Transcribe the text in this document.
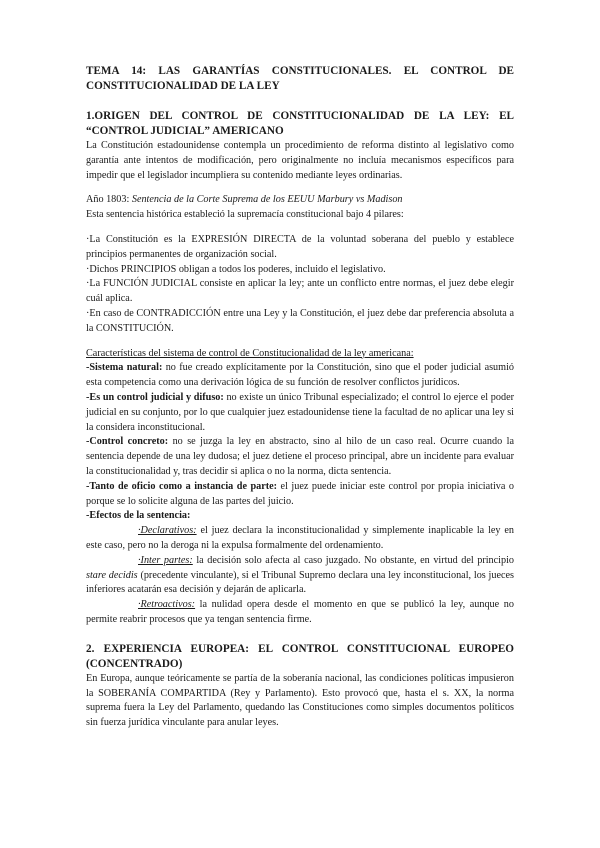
TEMA 14: LAS GARANTÍAS CONSTITUCIONALES. EL CONTROL DE CONSTITUCIONALIDAD DE LA LEY
1.ORIGEN DEL CONTROL DE CONSTITUCIONALIDAD DE LA LEY: EL “CONTROL JUDICIAL” AMERICANO

La Constitución estadounidense contempla un procedimiento de reforma distinto al legislativo como garantía ante intentos de modificación, pero originalmente no incluía mecanismos específicos para impedir que el legislador incumpliera su contenido mediante leyes ordinarias.

Año 1803: Sentencia de la Corte Suprema de los EEUU Marbury vs Madison

Esta sentencia histórica estableció la supremacía constitucional bajo 4 pilares:

·La Constitución es la EXPRESIÓN DIRECTA de la voluntad soberana del pueblo y establece principios permanentes de organización social.

·Dichos PRINCIPIOS obligan a todos los poderes, incluido el legislativo.

·La FUNCIÓN JUDICIAL consiste en aplicar la ley; ante un conflicto entre normas, el juez debe elegir cuál aplica.

·En caso de CONTRADICCIÓN entre una Ley y la Constitución, el juez debe dar preferencia absoluta a la CONSTITUCIÓN.

Características del sistema de control de Constitucionalidad de la ley americana:

-Sistema natural: no fue creado explícitamente por la Constitución, sino que el poder judicial asumió esta competencia como una derivación lógica de su función de resolver conflictos jurídicos.

-Es un control judicial y difuso: no existe un único Tribunal especializado; el control lo ejerce el poder judicial en su conjunto, por lo que cualquier juez estadounidense tiene la facultad de no aplicar una ley si la considera inconstitucional.

-Control concreto: no se juzga la ley en abstracto, sino al hilo de un caso real. Ocurre cuando la sentencia depende de una ley dudosa; el juez detiene el proceso principal, abre un incidente para evaluar la constitucionalidad y, tras decidir si aplica o no la norma, dicta sentencia.

-Tanto de oficio como a instancia de parte: el juez puede iniciar este control por propia iniciativa o porque se lo solicite alguna de las partes del juicio.

-Efectos de la sentencia:

·Declarativos: el juez declara la inconstitucionalidad y simplemente inaplicable la ley en este caso, pero no la deroga ni la expulsa formalmente del ordenamiento.

·Inter partes: la decisión solo afecta al caso juzgado. No obstante, en virtud del principio stare decidis (precedente vinculante), si el Tribunal Supremo declara una ley inconstitucional, los jueces inferiores acatarán esa decisión y dejarán de aplicarla.

·Retroactivos: la nulidad opera desde el momento en que se publicó la ley, aunque no permite reabrir procesos que ya tengan sentencia firme.

2. EXPERIENCIA EUROPEA: EL CONTROL CONSTITUCIONAL EUROPEO (CONCENTRADO)

En Europa, aunque teóricamente se partía de la soberanía nacional, las condiciones políticas impusieron la SOBERANÍA COMPARTIDA (Rey y Parlamento). Esto provocó que, hasta el s. XX, la norma suprema fuera la Ley del Parlamento, quedando las Constituciones como simples documentos políticos sin fuerza jurídica vinculante para anular leyes.
